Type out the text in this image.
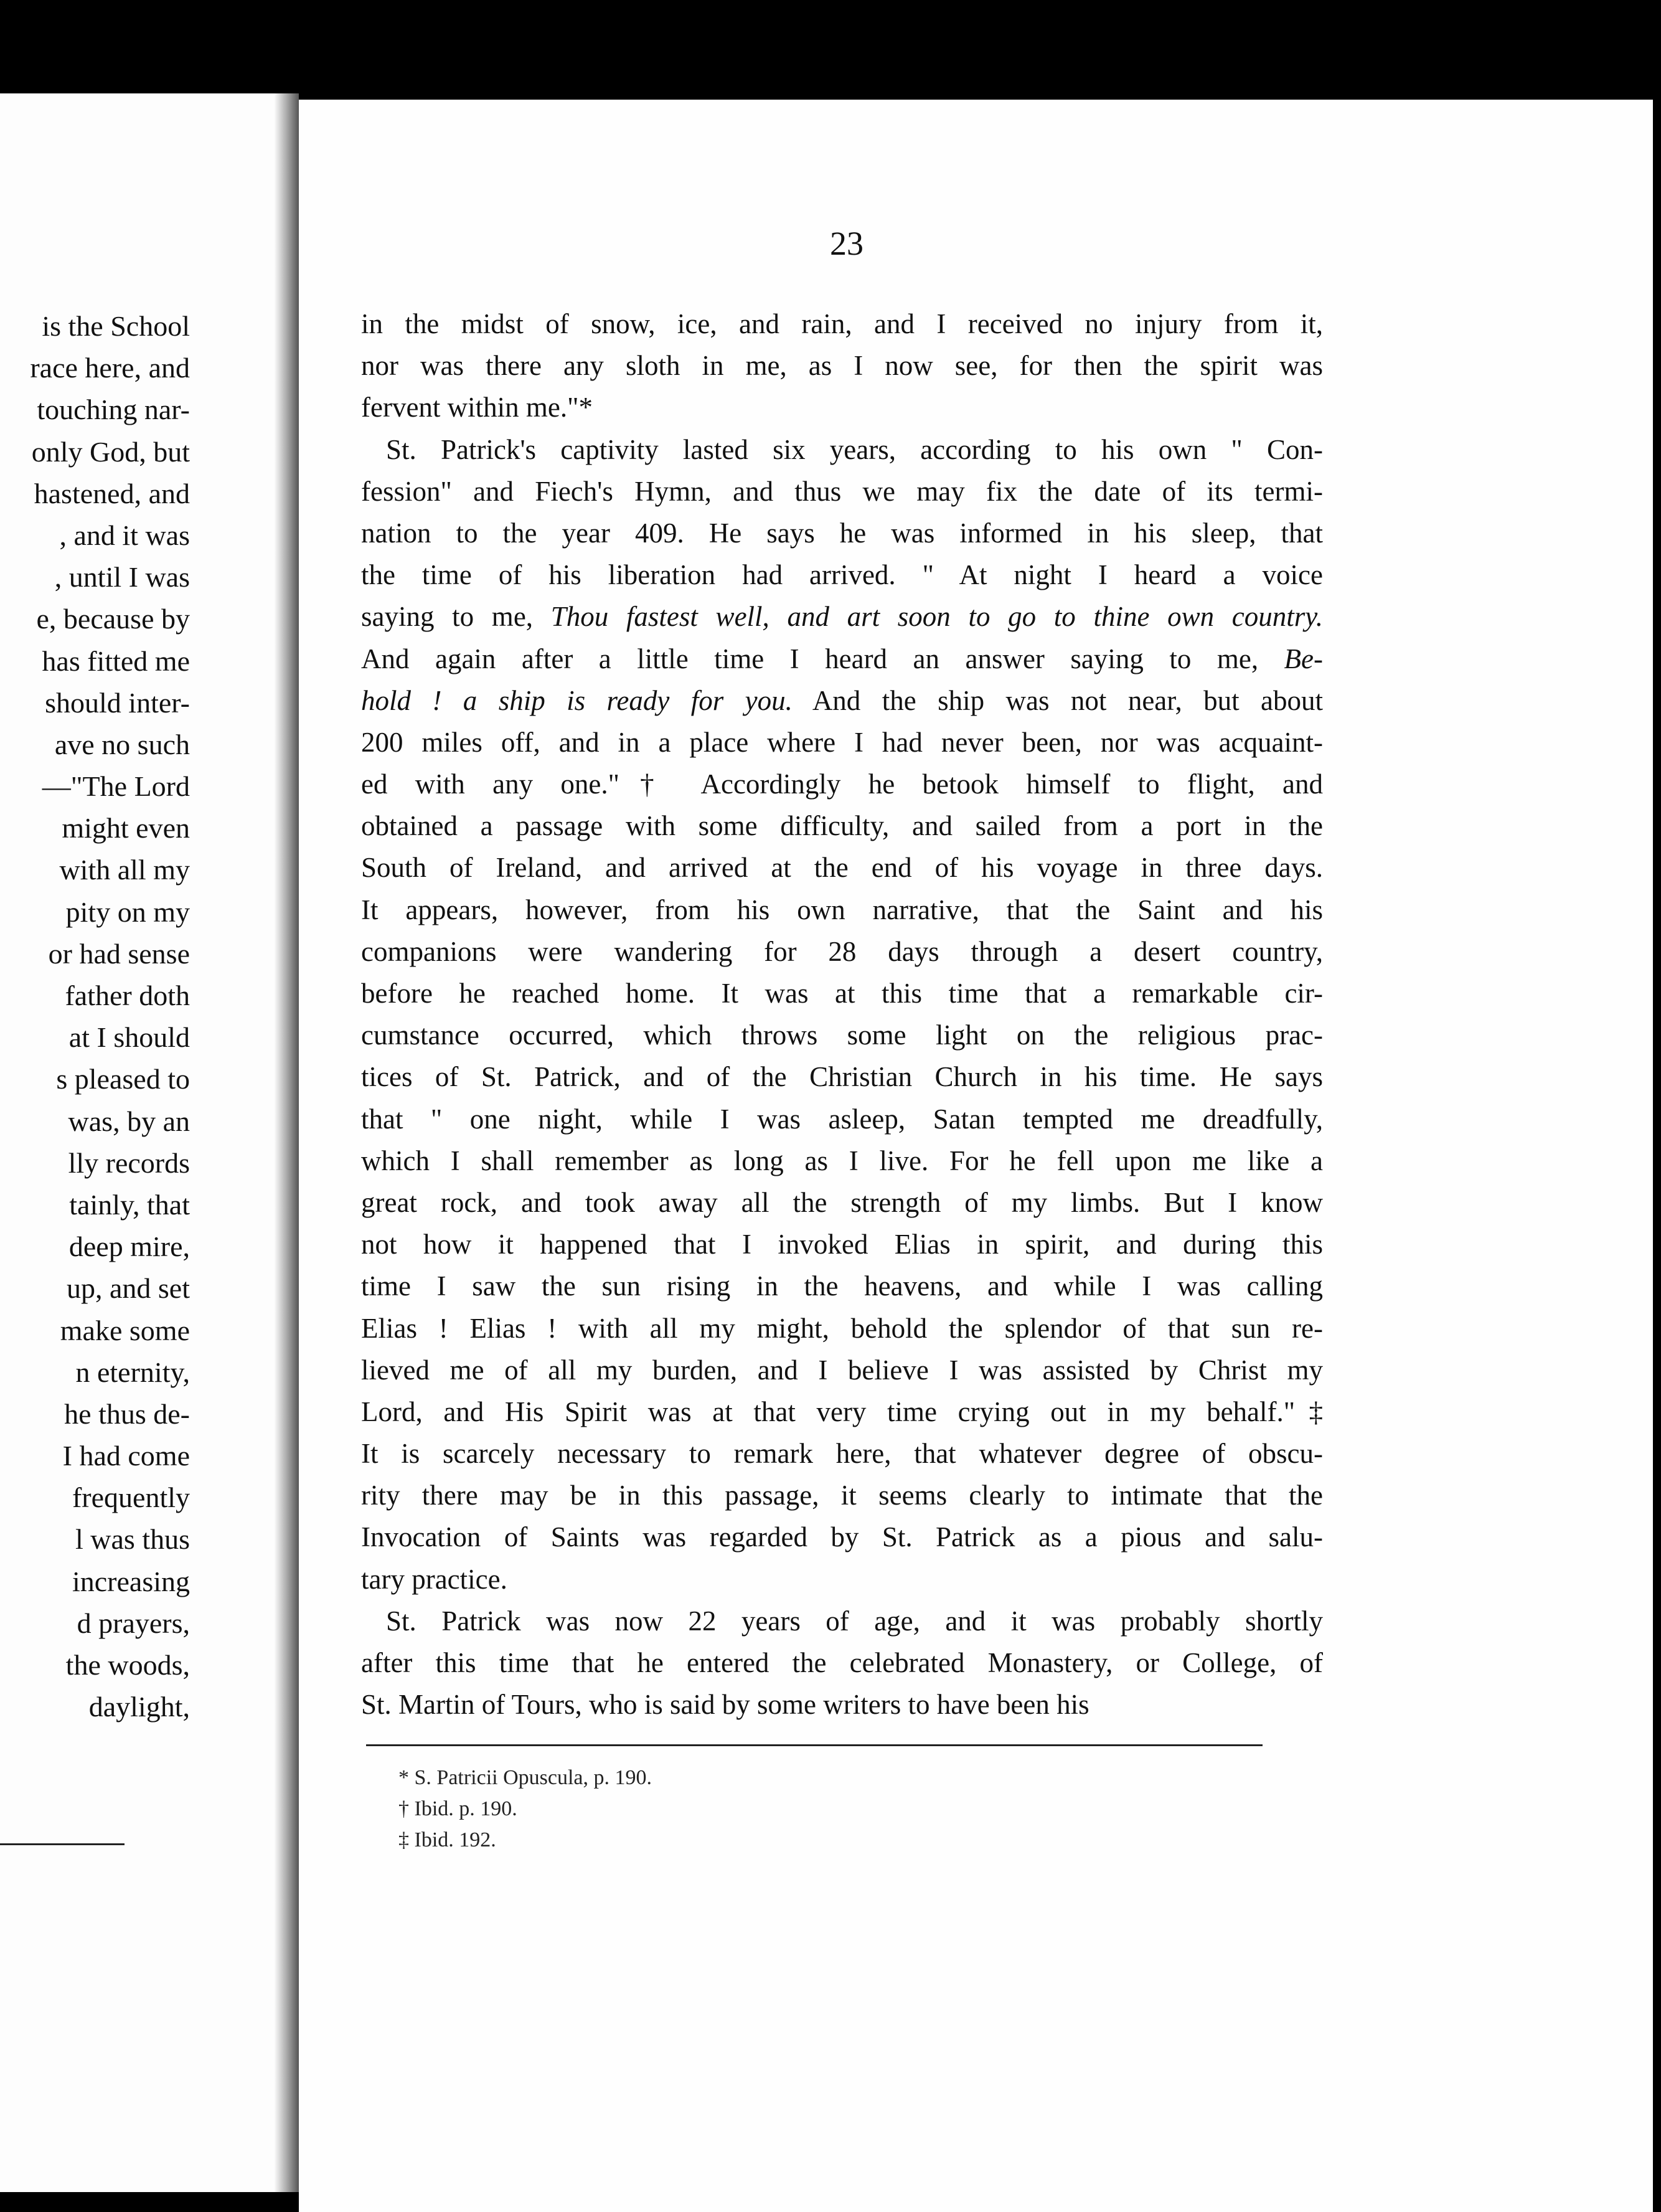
is the School
race here, and
touching nar-
only God, but
hastened, and
, and it was
, until I was
e, because by
has fitted me
should inter-
ave no such
—"The Lord
might even
with all my
pity on my
or had sense
father doth
at I should
s pleased to
was, by an
lly records
tainly, that
deep mire,
up, and set
make some
n eternity,
he thus de-
I had come
frequently
l was thus
increasing
d prayers,
the woods,
daylight,
23
in the midst of snow, ice, and rain, and I received no injury from it,
nor was there any sloth in me, as I now see, for then the spirit was
fervent within me."*
St. Patrick's captivity lasted six years, according to his own " Con-
fession" and Fiech's Hymn, and thus we may fix the date of its termi-
nation to the year 409. He says he was informed in his sleep, that
the time of his liberation had arrived. " At night I heard a voice
saying to me, Thou fastest well, and art soon to go to thine own country.
And again after a little time I heard an answer saying to me, Be-
hold ! a ship is ready for you. And the ship was not near, but about
200 miles off, and in a place where I had never been, nor was acquaint-
ed with any one."† Accordingly he betook himself to flight, and
obtained a passage with some difficulty, and sailed from a port in the
South of Ireland, and arrived at the end of his voyage in three days.
It appears, however, from his own narrative, that the Saint and his
companions were wandering for 28 days through a desert country,
before he reached home. It was at this time that a remarkable cir-
cumstance occurred, which throws some light on the religious prac-
tices of St. Patrick, and of the Christian Church in his time. He says
that " one night, while I was asleep, Satan tempted me dreadfully,
which I shall remember as long as I live. For he fell upon me like a
great rock, and took away all the strength of my limbs. But I know
not how it happened that I invoked Elias in spirit, and during this
time I saw the sun rising in the heavens, and while I was calling
Elias ! Elias ! with all my might, behold the splendor of that sun re-
lieved me of all my burden, and I believe I was assisted by Christ my
Lord, and His Spirit was at that very time crying out in my behalf."‡
It is scarcely necessary to remark here, that whatever degree of obscu-
rity there may be in this passage, it seems clearly to intimate that the
Invocation of Saints was regarded by St. Patrick as a pious and salu-
tary practice.
St. Patrick was now 22 years of age, and it was probably shortly
after this time that he entered the celebrated Monastery, or College, of
St. Martin of Tours, who is said by some writers to have been his
* S. Patricii Opuscula, p. 190.
† Ibid. p. 190.
‡ Ibid. 192.
